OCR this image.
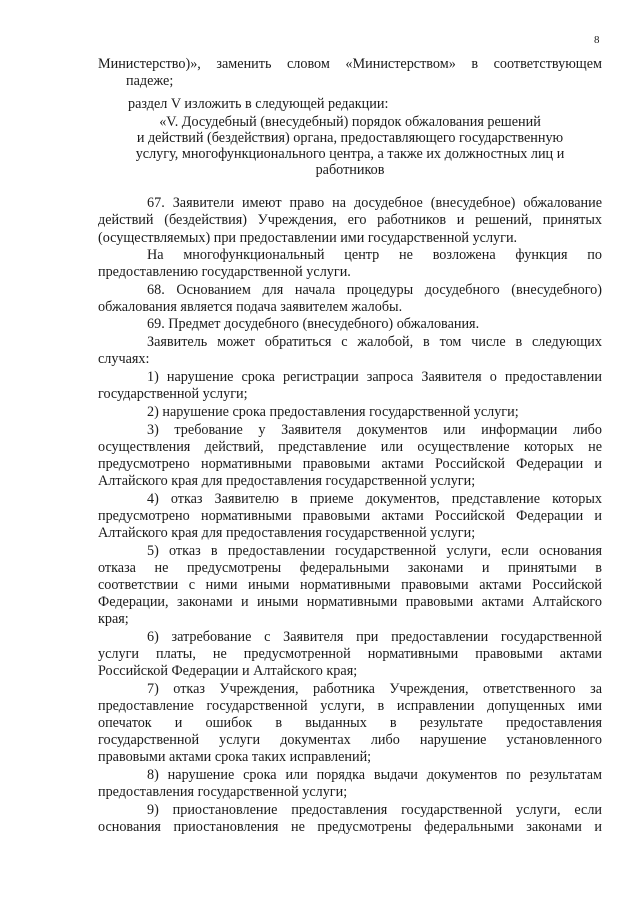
8
Министерство)», заменить словом «Министерством» в соответствующем
падеже;
раздел V изложить в следующей редакции:
«V. Досудебный (внесудебный) порядок обжалования решений
и действий (бездействия) органа, предоставляющего государственную
услугу, многофункционального центра, а также их должностных лиц и
работников
67. Заявители имеют право на досудебное (внесудебное) обжалование
действий (бездействия) Учреждения, его работников и решений, принятых
(осуществляемых) при предоставлении ими государственной услуги.
На многофункциональный центр не возложена функция по
предоставлению государственной услуги.
68. Основанием для начала процедуры досудебного (внесудебного)
обжалования является подача заявителем жалобы.
69. Предмет досудебного (внесудебного) обжалования.
Заявитель может обратиться с жалобой, в том числе в следующих
случаях:
1) нарушение срока регистрации запроса Заявителя о предоставлении
государственной услуги;
2) нарушение срока предоставления государственной услуги;
3) требование у Заявителя документов или информации либо
осуществления действий, представление или осуществление которых не
предусмотрено нормативными правовыми актами Российской Федерации и
Алтайского края для предоставления государственной услуги;
4) отказ Заявителю в приеме документов, представление которых
предусмотрено нормативными правовыми актами Российской Федерации и
Алтайского края для предоставления государственной услуги;
5) отказ в предоставлении государственной услуги, если основания
отказа не предусмотрены федеральными законами и принятыми в
соответствии с ними иными нормативными правовыми актами Российской
Федерации, законами и иными нормативными правовыми актами Алтайского
края;
6) затребование с Заявителя при предоставлении государственной
услуги платы, не предусмотренной нормативными правовыми актами
Российской Федерации и Алтайского края;
7) отказ Учреждения, работника Учреждения, ответственного за
предоставление государственной услуги, в исправлении допущенных ими
опечаток и ошибок в выданных в результате предоставления
государственной услуги документах либо нарушение установленного
правовыми актами срока таких исправлений;
8) нарушение срока или порядка выдачи документов по результатам
предоставления государственной услуги;
9) приостановление предоставления государственной услуги, если
основания приостановления не предусмотрены федеральными законами и
